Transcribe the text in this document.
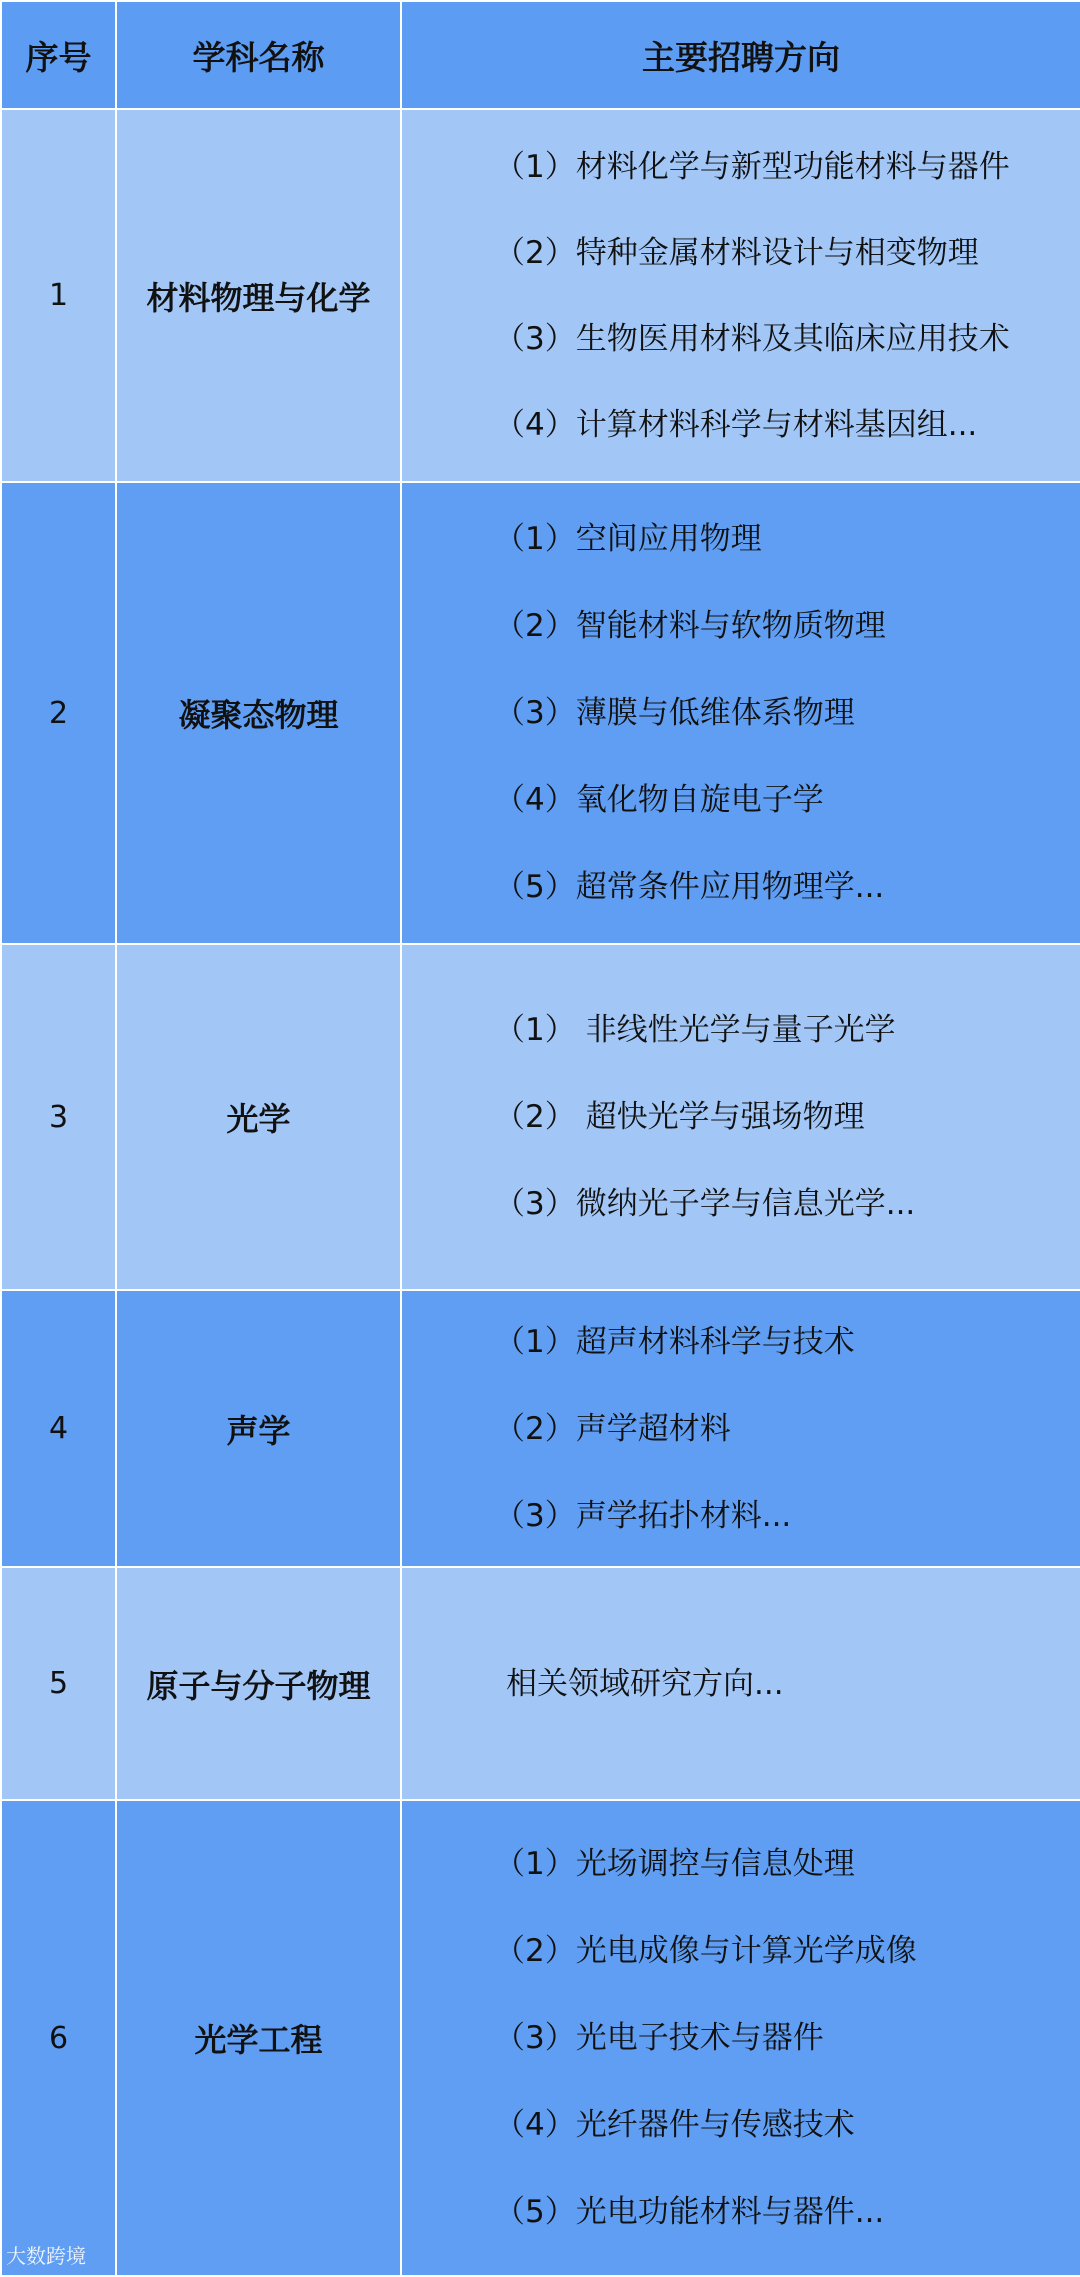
序号	学科名称	主要招聘方向
1	材料物理与化学	（1）材料化学与新型功能材料与器件
（2）特种金属材料设计与相变物理
（3）生物医用材料及其临床应用技术
（4）计算材料科学与材料基因组...

2	凝聚态物理	（1）空间应用物理
（2）智能材料与软物质物理
（3）薄膜与低维体系物理
（4）氧化物自旋电子学
（5）超常条件应用物理学...

3	光学	（1） 非线性光学与量子光学
（2） 超快光学与强场物理
（3）微纳光子学与信息光学...

4	声学	（1）超声材料科学与技术
（2）声学超材料
（3）声学拓扑材料...

5	原子与分子物理	相关领域研究方向...

6	光学工程	（1）光场调控与信息处理
（2）光电成像与计算光学成像
（3）光电子技术与器件
（4）光纤器件与传感技术
（5）光电功能材料与器件...
大数跨境
